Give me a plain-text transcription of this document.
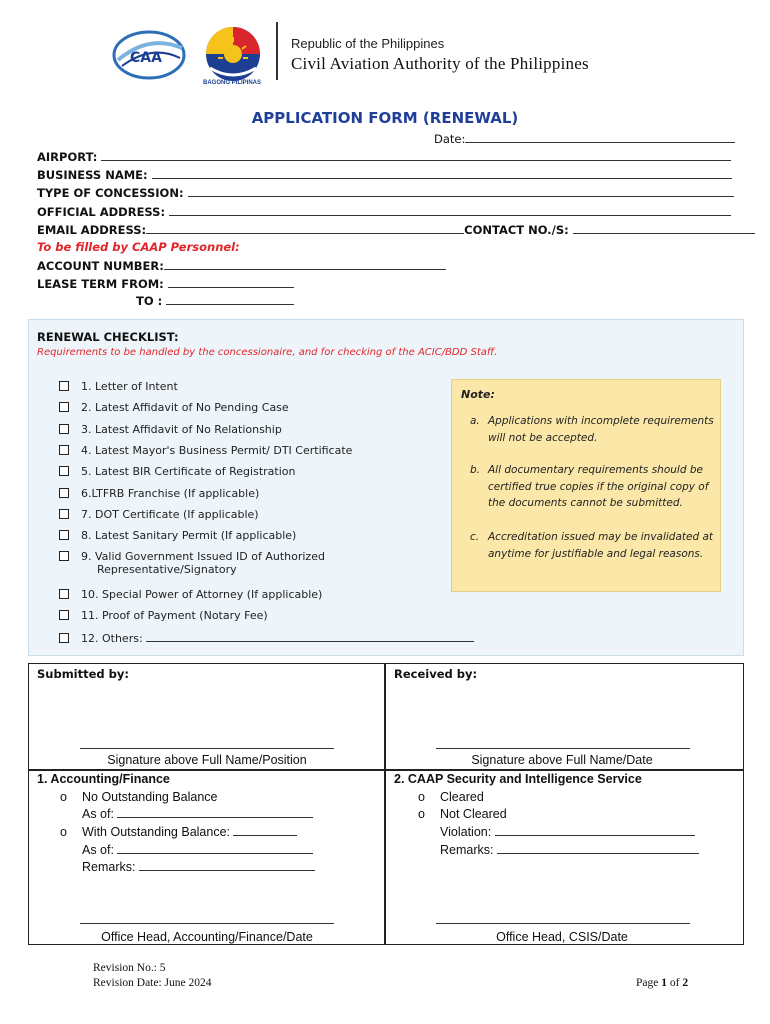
CAA
BAGONG PILIPINAS
Republic of the Philippines
Civil Aviation Authority of the Philippines
APPLICATION FORM (RENEWAL)
Date:
AIRPORT:
BUSINESS NAME:
TYPE OF CONCESSION:
OFFICIAL ADDRESS:
EMAIL ADDRESS:	CONTACT NO./S:
To be filled by CAAP Personnel:
ACCOUNT NUMBER:
LEASE TERM FROM:
TO :
RENEWAL CHECKLIST:
Requirements to be handled by the concessionaire, and for checking of the ACIC/BDD Staff.
1. Letter of Intent
2. Latest Affidavit of No Pending Case
3. Latest Affidavit of No Relationship
4. Latest Mayor's Business Permit/ DTI Certificate
5. Latest BIR Certificate of Registration
6.LTFRB Franchise (If applicable)
7. DOT Certificate (If applicable)
8. Latest Sanitary Permit (If applicable)
9. Valid Government Issued ID of Authorized
Representative/Signatory
10. Special Power of Attorney (If applicable)
11. Proof of Payment (Notary Fee)
12. Others:
Note:
a. Applications with incomplete requirements will not be accepted.
b. All documentary requirements should be certified true copies if the original copy of the documents cannot be submitted.
c. Accreditation issued may be invalidated at anytime for justifiable and legal reasons.
Submitted by:	Received by:
Signature above Full Name/Position	Signature above Full Name/Date
1. Accounting/Finance
o No Outstanding Balance
As of:
o With Outstanding Balance:
As of:
Remarks:
Office Head, Accounting/Finance/Date
2. CAAP Security and Intelligence Service
o Cleared
o Not Cleared
Violation:
Remarks:
Office Head, CSIS/Date
Revision No.: 5
Revision Date: June 2024	Page 1 of 2
